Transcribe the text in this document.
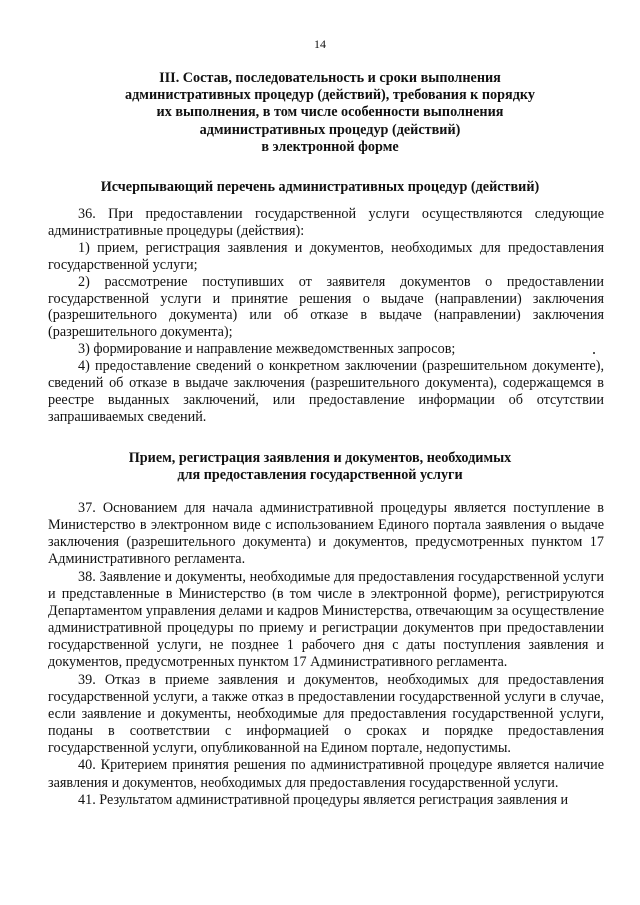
14
III. Состав, последовательность и сроки выполнения
административных процедур (действий), требования к порядку
их выполнения, в том числе особенности выполнения
административных процедур (действий)
в электронной форме
Исчерпывающий перечень административных процедур (действий)

36. При предоставлении государственной услуги осуществляются следующие административные процедуры (действия):

1) прием, регистрация заявления и документов, необходимых для предоставления государственной услуги;

2) рассмотрение поступивших от заявителя документов о предоставлении государственной услуги и принятие решения о выдаче (направлении) заключения (разрешительного документа) или об отказе в выдаче (направлении) заключения (разрешительного документа);

3) формирование и направление межведомственных запросов;

4) предоставление сведений о конкретном заключении (разрешительном документе), сведений об отказе в выдаче заключения (разрешительного документа), содержащемся в реестре выданных заключений, или предоставление информации об отсутствии запрашиваемых сведений.

Прием, регистрация заявления и документов, необходимых
для предоставления государственной услуги

37. Основанием для начала административной процедуры является поступление в Министерство в электронном виде с использованием Единого портала заявления о выдаче заключения (разрешительного документа) и документов, предусмотренных пунктом 17 Административного регламента.

38. Заявление и документы, необходимые для предоставления государственной услуги и представленные в Министерство (в том числе в электронной форме), регистрируются Департаментом управления делами и кадров Министерства, отвечающим за осуществление административной процедуры по приему и регистрации документов при предоставлении государственной услуги, не позднее 1 рабочего дня с даты поступления заявления и документов, предусмотренных пунктом 17 Административного регламента.

39. Отказ в приеме заявления и документов, необходимых для предоставления государственной услуги, а также отказ в предоставлении государственной услуги в случае, если заявление и документы, необходимые для предоставления государственной услуги, поданы в соответствии с информацией о сроках и порядке предоставления государственной услуги, опубликованной на Едином портале, недопустимы.

40. Критерием принятия решения по административной процедуре является наличие заявления и документов, необходимых для предоставления государственной услуги.

41. Результатом административной процедуры является регистрация заявления и
